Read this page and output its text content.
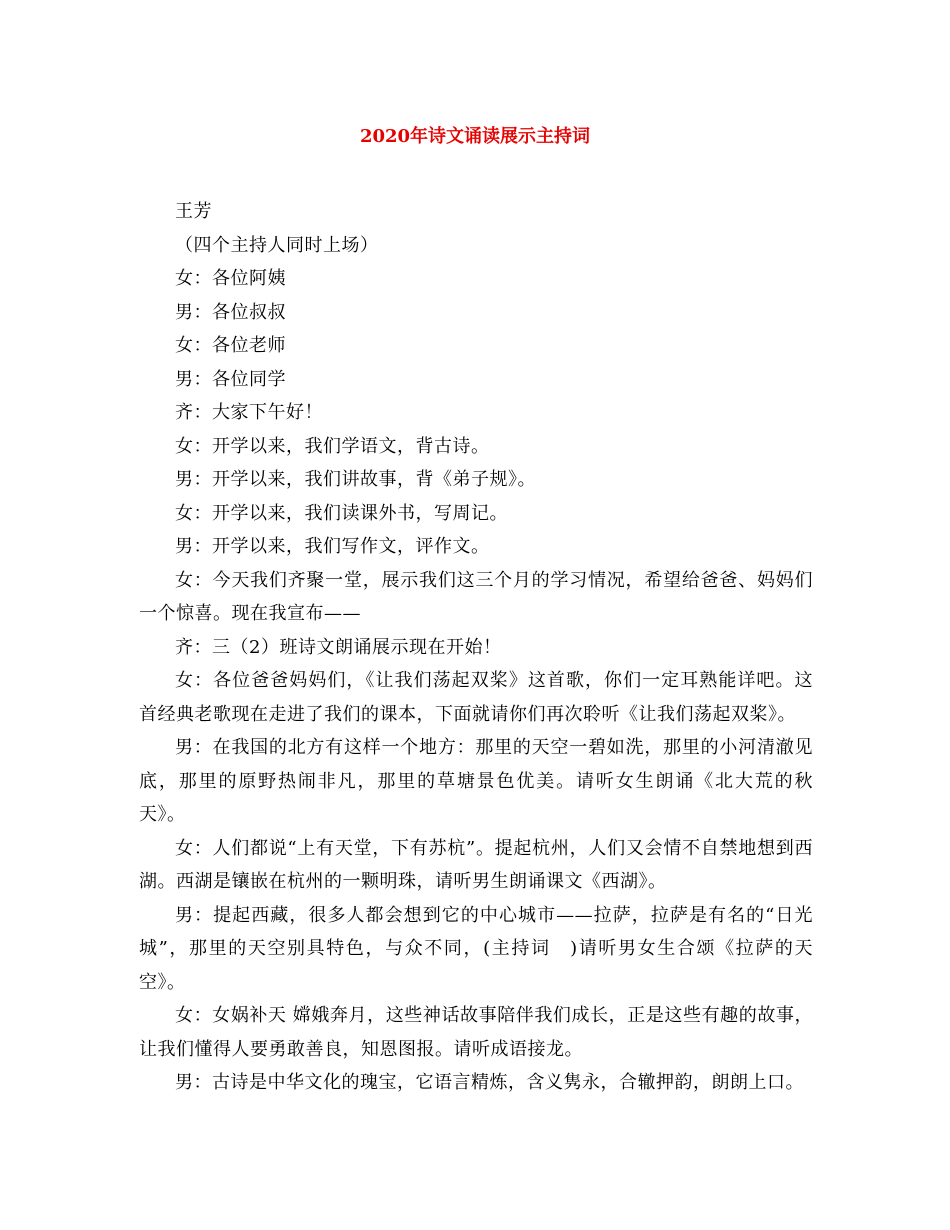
2020年诗文诵读展示主持词

王芳

（四个主持人同时上场）

女：各位阿姨

男：各位叔叔

女：各位老师

男：各位同学

齐：大家下午好！

女：开学以来，我们学语文，背古诗。

男：开学以来，我们讲故事，背《弟子规》。

女：开学以来，我们读课外书，写周记。

男：开学以来，我们写作文，评作文。

女：今天我们齐聚一堂，展示我们这三个月的学习情况，希望给爸爸、妈妈们一个惊喜。现在我宣布——

齐：三（2）班诗文朗诵展示现在开始！

女：各位爸爸妈妈们，《让我们荡起双桨》这首歌，你们一定耳熟能详吧。这首经典老歌现在走进了我们的课本，下面就请你们再次聆听《让我们荡起双桨》。

男：在我国的北方有这样一个地方：那里的天空一碧如洗，那里的小河清澈见底，那里的原野热闹非凡，那里的草塘景色优美。请听女生朗诵《北大荒的秋天》。

女：人们都说“上有天堂，下有苏杭”。提起杭州，人们又会情不自禁地想到西湖。西湖是镶嵌在杭州的一颗明珠，请听男生朗诵课文《西湖》。

男：提起西藏，很多人都会想到它的中心城市——拉萨，拉萨是有名的“日光城”，那里的天空别具特色，与众不同，(主持词　)请听男女生合颂《拉萨的天空》。

女：女娲补天 嫦娥奔月，这些神话故事陪伴我们成长，正是这些有趣的故事，让我们懂得人要勇敢善良，知恩图报。请听成语接龙。

男：古诗是中华文化的瑰宝，它语言精炼，含义隽永，合辙押韵，朗朗上口。
